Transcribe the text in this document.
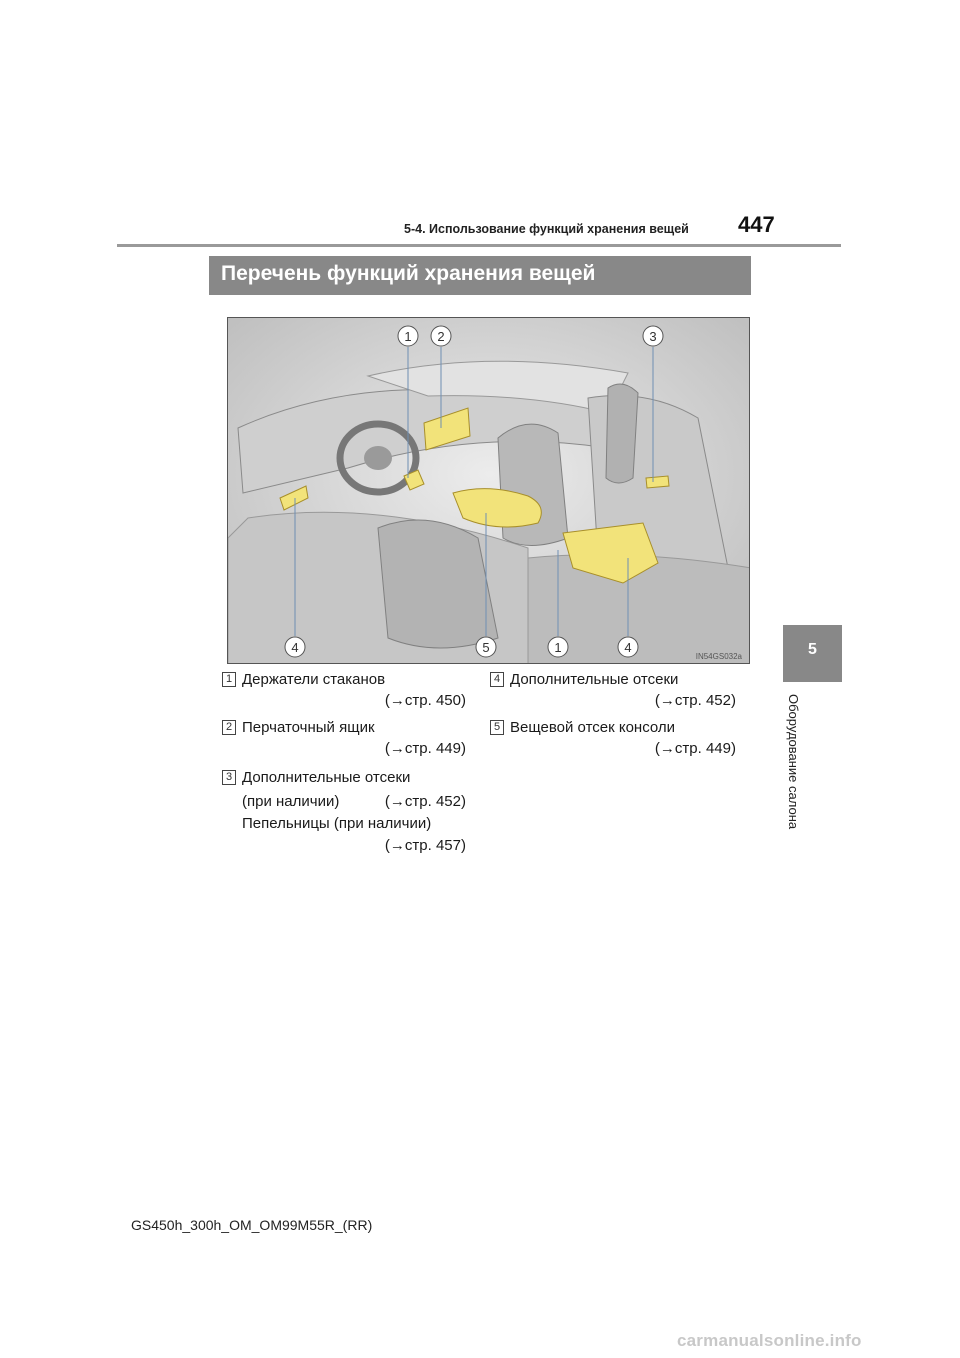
5-4. Использование функций хранения вещей 447
Перечень функций хранения вещей
1 2	3
4	5	1	4
IN54GS032a	5
Оборудование салона
1 Держатели стаканов
(→стр. 450)
2 Перчаточный ящик
(→стр. 449)
3 Дополнительные отсеки
(при наличии)	(→стр. 452)
Пепельницы (при наличии)
(→стр. 457)
4 Дополнительные отсеки
(→стр. 452)
5 Вещевой отсек консоли
(→стр. 449)
GS450h_300h_OM_OM99M55R_(RR)
carmanualsonline.info
